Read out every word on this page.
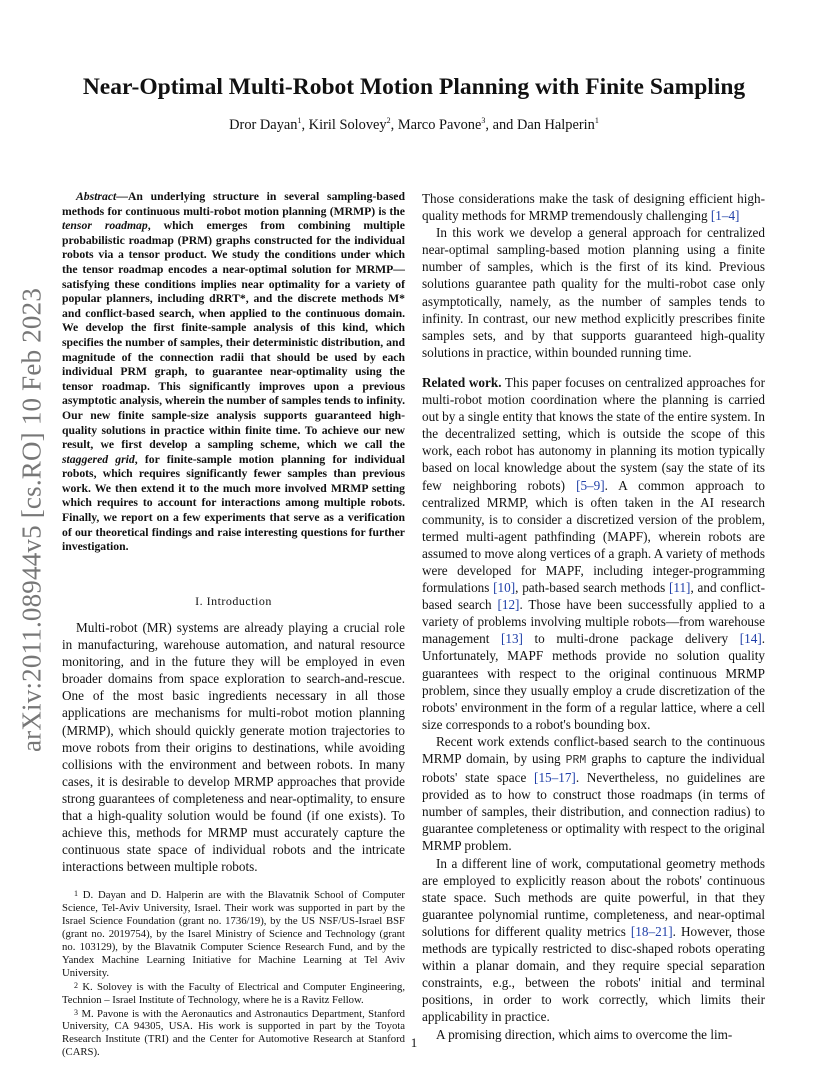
arXiv:2011.08944v5 [cs.RO] 10 Feb 2023
Near-Optimal Multi-Robot Motion Planning with Finite Sampling
Dror Dayan$^1$, Kiril Solovey$^2$, Marco Pavone$^3$, and Dan Halperin$^1$

Abstract—An underlying structure in several sampling-based methods for continuous multi-robot motion planning (MRMP) is the tensor roadmap, which emerges from combining multiple probabilistic roadmap (PRM) graphs constructed for the individual robots via a tensor product. We study the conditions under which the tensor roadmap encodes a near-optimal solution for MRMP—satisfying these conditions implies near optimality for a variety of popular planners, including dRRT*, and the discrete methods M* and conflict-based search, when applied to the continuous domain. We develop the first finite-sample analysis of this kind, which specifies the number of samples, their deterministic distribution, and magnitude of the connection radii that should be used by each individual PRM graph, to guarantee near-optimality using the tensor roadmap. This significantly improves upon a previous asymptotic analysis, wherein the number of samples tends to infinity. Our new finite sample-size analysis supports guaranteed high-quality solutions in practice within finite time. To achieve our new result, we first develop a sampling scheme, which we call the staggered grid, for finite-sample motion planning for individual robots, which requires significantly fewer samples than previous work. We then extend it to the much more involved MRMP setting which requires to account for interactions among multiple robots. Finally, we report on a few experiments that serve as a verification of our theoretical findings and raise interesting questions for further investigation.

I. Introduction

Multi-robot (MR) systems are already playing a crucial role in manufacturing, warehouse automation, and natural resource monitoring, and in the future they will be employed in even broader domains from space exploration to search-and-rescue. One of the most basic ingredients necessary in all those applications are mechanisms for multi-robot motion planning (MRMP), which should quickly generate motion trajectories to move robots from their origins to destinations, while avoiding collisions with the environment and between robots. In many cases, it is desirable to develop MRMP approaches that provide strong guarantees of completeness and near-optimality, to ensure that a high-quality solution would be found (if one exists). To achieve this, methods for MRMP must accurately capture the continuous state space of individual robots and the intricate interactions between multiple robots.

$^1$ D. Dayan and D. Halperin are with the Blavatnik School of Computer Science, Tel-Aviv University, Israel. Their work was supported in part by the Israel Science Foundation (grant no. 1736/19), by the US NSF/US-Israel BSF (grant no. 2019754), by the Isarel Ministry of Science and Technology (grant no. 103129), by the Blavatnik Computer Science Research Fund, and by the Yandex Machine Learning Initiative for Machine Learning at Tel Aviv University.

$^2$ K. Solovey is with the Faculty of Electrical and Computer Engineering, Technion – Israel Institute of Technology, where he is a Ravitz Fellow.

$^3$ M. Pavone is with the Aeronautics and Astronautics Department, Stanford University, CA 94305, USA. His work is supported in part by the Toyota Research Institute (TRI) and the Center for Automotive Research at Stanford (CARS).

Those considerations make the task of designing efficient high-quality methods for MRMP tremendously challenging [1–4]

In this work we develop a general approach for centralized near-optimal sampling-based motion planning using a finite number of samples, which is the first of its kind. Previous solutions guarantee path quality for the multi-robot case only asymptotically, namely, as the number of samples tends to infinity. In contrast, our new method explicitly prescribes finite samples sets, and by that supports guaranteed high-quality solutions in practice, within bounded running time.

Related work. This paper focuses on centralized approaches for multi-robot motion coordination where the planning is carried out by a single entity that knows the state of the entire system. In the decentralized setting, which is outside the scope of this work, each robot has autonomy in planning its motion typically based on local knowledge about the system (say the state of its few neighboring robots) [5–9]. A common approach to centralized MRMP, which is often taken in the AI research community, is to consider a discretized version of the problem, termed multi-agent pathfinding (MAPF), wherein robots are assumed to move along vertices of a graph. A variety of methods were developed for MAPF, including integer-programming formulations [10], path-based search methods [11], and conflict-based search [12]. Those have been successfully applied to a variety of problems involving multiple robots—from warehouse management [13] to multi-drone package delivery [14]. Unfortunately, MAPF methods provide no solution quality guarantees with respect to the original continuous MRMP problem, since they usually employ a crude discretization of the robots' environment in the form of a regular lattice, where a cell size corresponds to a robot's bounding box.

Recent work extends conflict-based search to the continuous MRMP domain, by using PRM graphs to capture the individual robots' state space [15–17]. Nevertheless, no guidelines are provided as to how to construct those roadmaps (in terms of number of samples, their distribution, and connection radius) to guarantee completeness or optimality with respect to the original MRMP problem.

In a different line of work, computational geometry methods are employed to explicitly reason about the robots' continuous state space. Such methods are quite powerful, in that they guarantee polynomial runtime, completeness, and near-optimal solutions for different quality metrics [18–21]. However, those methods are typically restricted to disc-shaped robots operating within a planar domain, and they require special separation constraints, e.g., between the robots' initial and terminal positions, in order to work correctly, which limits their applicability in practice.

A promising direction, which aims to overcome the lim-

1
